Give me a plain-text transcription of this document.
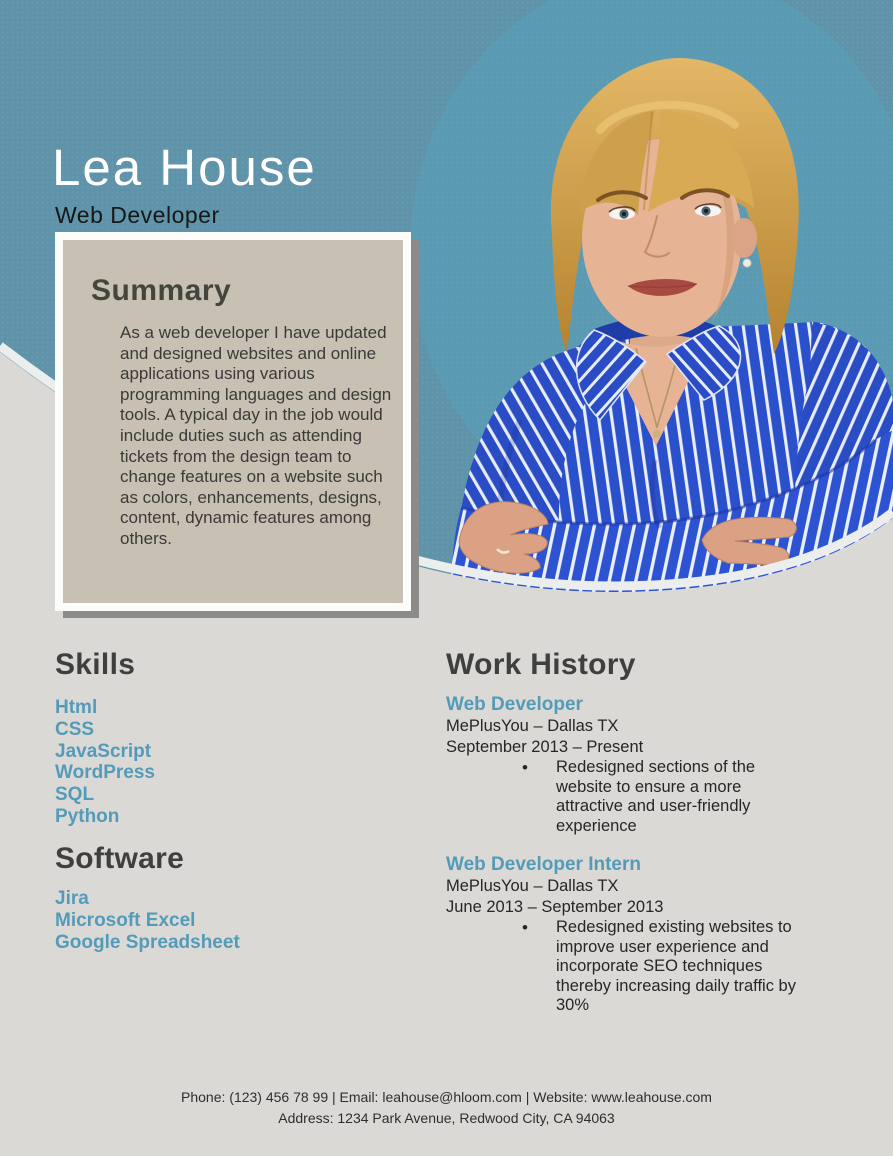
Lea House
Web Developer
Summary
As a web developer I have updated and designed websites and online applications using various programming languages and design tools. A typical day in the job would include duties such as attending tickets from the design team to change features on a website such as colors, enhancements, designs, content, dynamic features among others.
Skills
Html
CSS
JavaScript
WordPress
SQL
Python
Software
Jira
Microsoft Excel
Google Spreadsheet
Work History
Web Developer
MePlusYou – Dallas TX
September 2013 – Present
•	Redesigned sections of the website to ensure a more attractive and user-friendly experience
Web Developer Intern
MePlusYou – Dallas TX
June 2013 – September 2013
•	Redesigned existing websites to improve user experience and incorporate SEO techniques thereby increasing daily traffic by 30%
Phone: (123) 456 78 99 | Email: leahouse@hloom.com | Website: www.leahouse.com
Address: 1234 Park Avenue, Redwood City, CA 94063
